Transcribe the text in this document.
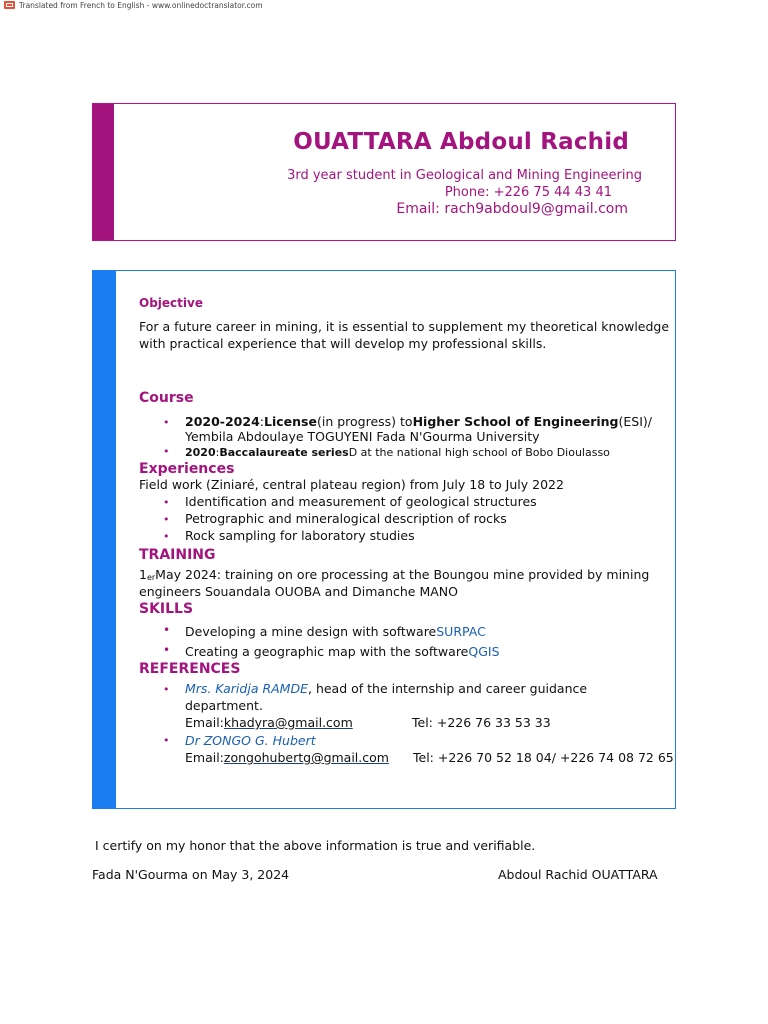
Translated from French to English - www.onlinedoctranslator.com
OUATTARA Abdoul Rachid
3rd year student in Geological and Mining Engineering
Phone: +226 75 44 43 41
Email: rach9abdoul9@gmail.com
Objective
For a future career in mining, it is essential to supplement my theoretical knowledge
with practical experience that will develop my professional skills.
Course
• 2020-2024:License(in progress) toHigher School of Engineering(ESI)/
Yembila Abdoulaye TOGUYENI Fada N'Gourma University
• 2020:Baccalaureate seriesD at the national high school of Bobo Dioulasso
Experiences
Field work (Ziniaré, central plateau region) from July 18 to July 2022
• Identification and measurement of geological structures
• Petrographic and mineralogical description of rocks
• Rock sampling for laboratory studies
TRAINING
1erMay 2024: training on ore processing at the Boungou mine provided by mining
engineers Souandala OUOBA and Dimanche MANO
SKILLS
• Developing a mine design with softwareSURPAC
• Creating a geographic map with the softwareQGIS
REFERENCES
• Mrs. Karidja RAMDE, head of the internship and career guidance
department.
Email:khadyra@gmail.com	Tel: +226 76 33 53 33
• Dr ZONGO G. Hubert
Email:zongohubertg@gmail.com Tel: +226 70 52 18 04/ +226 74 08 72 65
I certify on my honor that the above information is true and verifiable.
Fada N'Gourma on May 3, 2024	Abdoul Rachid OUATTARA
